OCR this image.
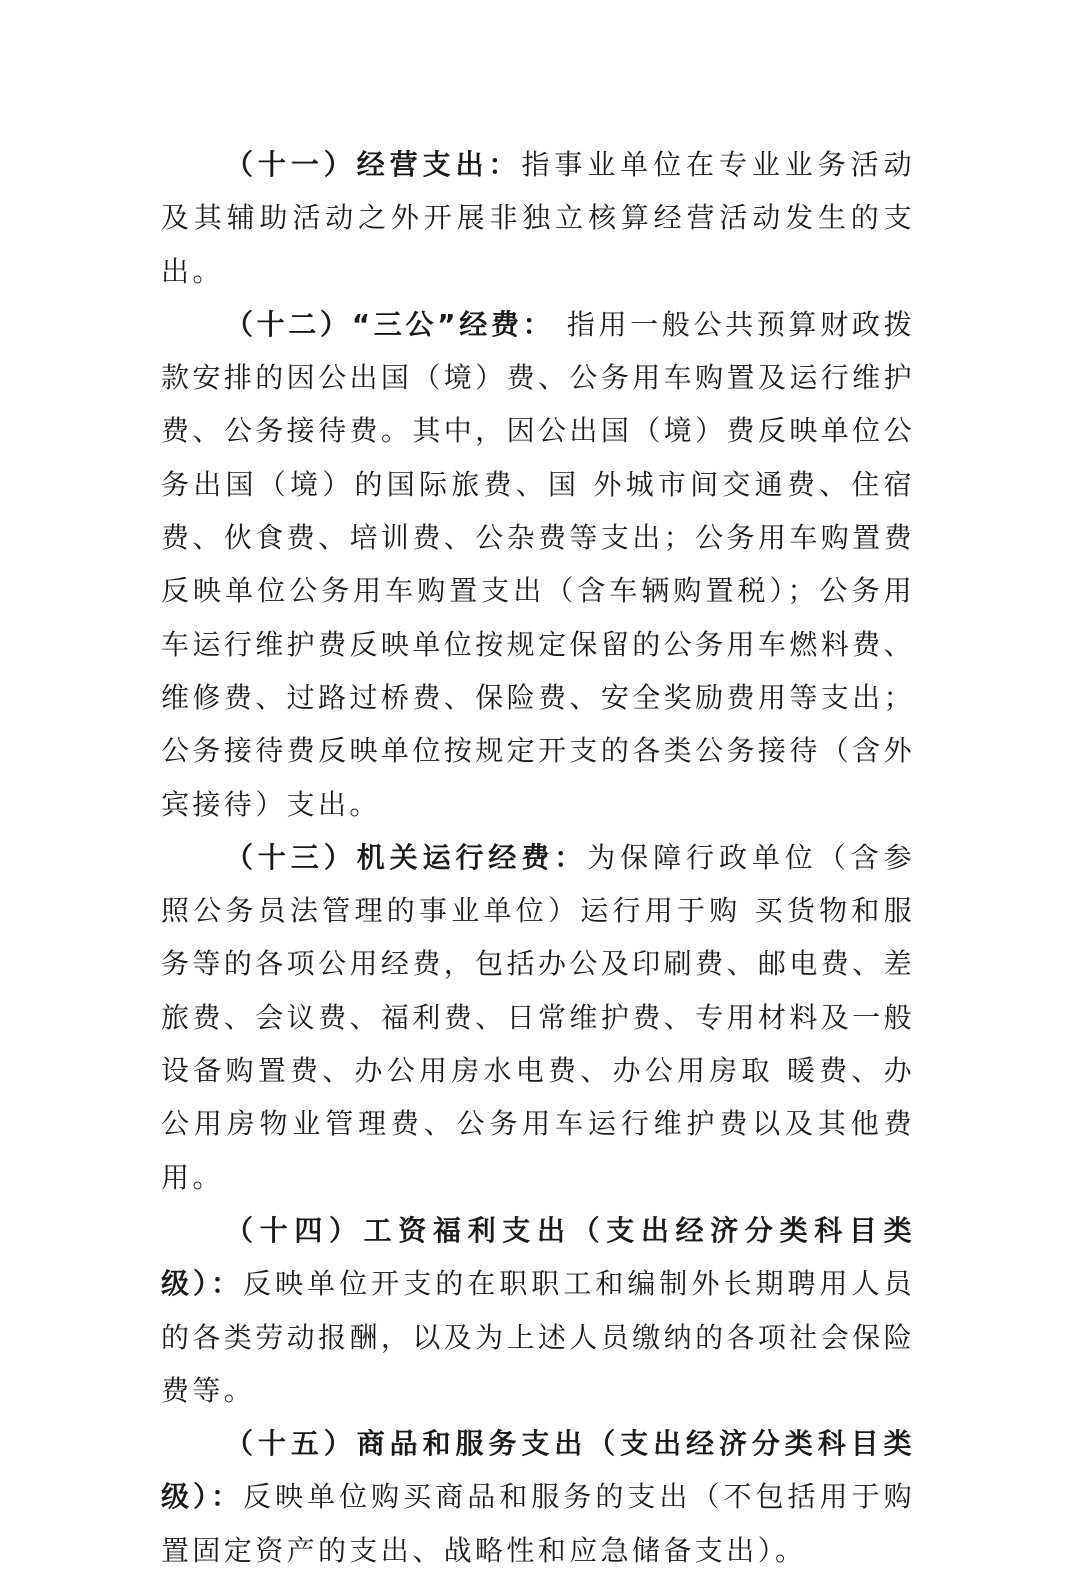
（十一）经营支出：指事业单位在专业业务活动及其辅助活动之外开展非独立核算经营活动发生的支出。

（十二）“三公”经费： 指用一般公共预算财政拨款安排的因公出国（境）费、公务用车购置及运行维护费、公务接待费。其中，因公出国（境）费反映单位公务出国（境）的国际旅费、国 外城市间交通费、住宿费、伙食费、培训费、公杂费等支出；公务用车购置费反映单位公务用车购置支出（含车辆购置税）；公务用车运行维护费反映单位按规定保留的公务用车燃料费、维修费、过路过桥费、保险费、安全奖励费用等支出；公务接待费反映单位按规定开支的各类公务接待（含外宾接待）支出。

（十三）机关运行经费：为保障行政单位（含参照公务员法管理的事业单位）运行用于购 买货物和服务等的各项公用经费，包括办公及印刷费、邮电费、差旅费、会议费、福利费、日常维护费、专用材料及一般设备购置费、办公用房水电费、办公用房取 暖费、办公用房物业管理费、公务用车运行维护费以及其他费用。

（十四）工资福利支出（支出经济分类科目类级）：反映单位开支的在职职工和编制外长期聘用人员的各类劳动报酬，以及为上述人员缴纳的各项社会保险费等。

（十五）商品和服务支出（支出经济分类科目类级）：反映单位购买商品和服务的支出（不包括用于购置固定资产的支出、战略性和应急储备支出）。
